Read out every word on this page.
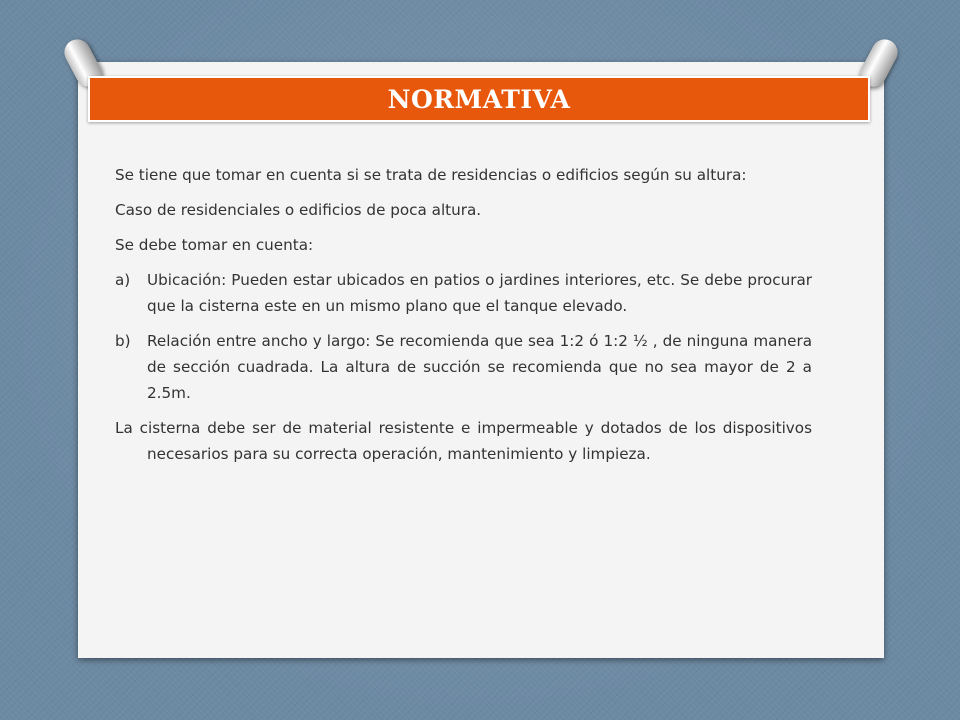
NORMATIVA

Se tiene que tomar en cuenta si se trata de residencias o edificios según su altura:

Caso de residenciales o edificios de poca altura.

Se debe tomar en cuenta:

a)	Ubicación: Pueden estar ubicados en patios o jardines interiores, etc. Se debe procurar que la cisterna este en un mismo plano que el tanque elevado.
b)	Relación entre ancho y largo: Se recomienda que sea 1:2 ó 1:2 ½ , de ninguna manera de sección cuadrada. La altura de succión se recomienda que no sea mayor de 2 a 2.5m.

La cisterna debe ser de material resistente e impermeable y dotados de los dispositivos necesarios para su correcta operación, mantenimiento y limpieza.
